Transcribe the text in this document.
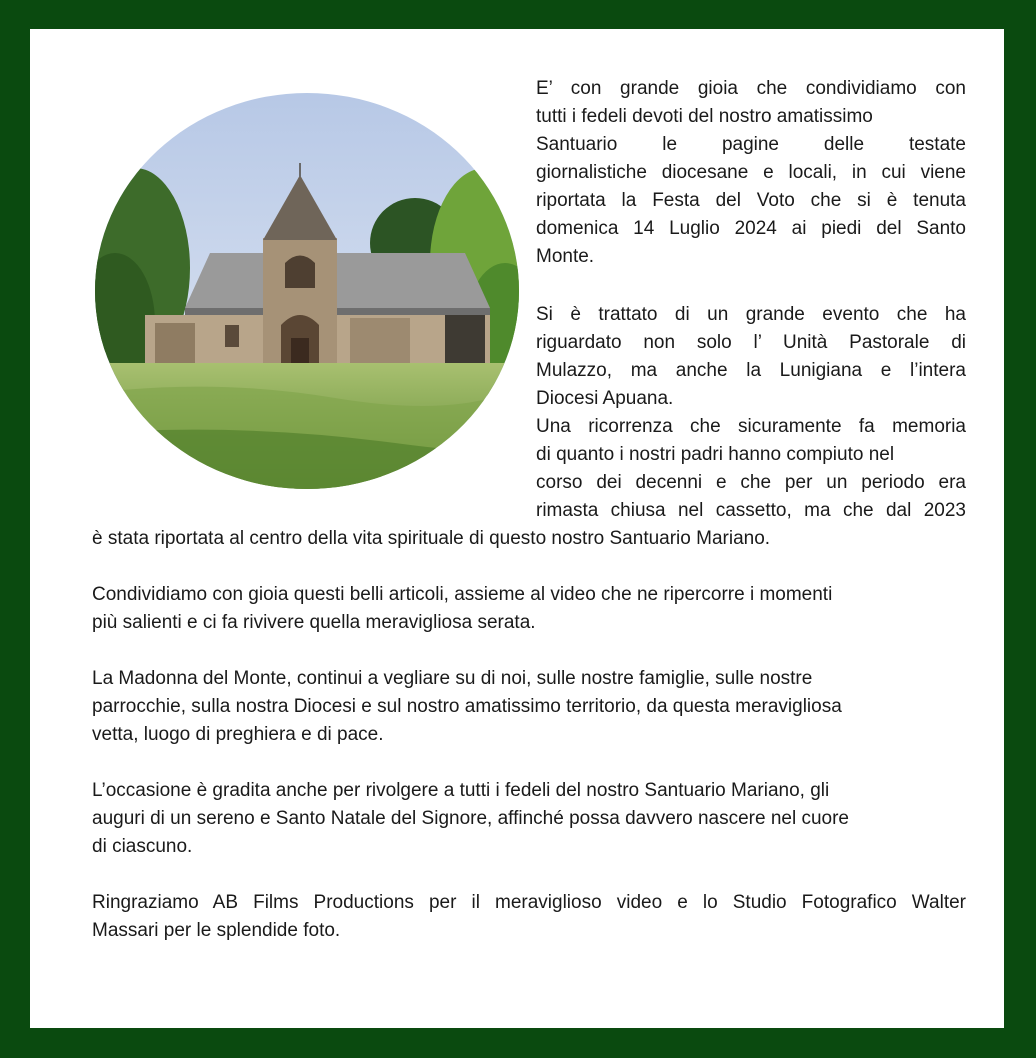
E’ con grande gioia che condividiamo con
tutti i fedeli devoti del nostro amatissimo
Santuario le pagine delle testate
giornalistiche diocesane e locali, in cui viene
riportata la Festa del Voto che si è tenuta
domenica 14 Luglio 2024 ai piedi del Santo
Monte.
Si è trattato di un grande evento che ha
riguardato non solo l’ Unità Pastorale di
Mulazzo, ma anche la Lunigiana e l’intera
Diocesi Apuana.
Una ricorrenza che sicuramente fa memoria
di quanto i nostri padri hanno compiuto nel
corso dei decenni e che per un periodo era
rimasta chiusa nel cassetto, ma che dal 2023
è stata riportata al centro della vita spirituale di questo nostro Santuario Mariano.
Condividiamo con gioia questi belli articoli, assieme al video che ne ripercorre i momenti
più salienti e ci fa rivivere quella meravigliosa serata.
La Madonna del Monte, continui a vegliare su di noi, sulle nostre famiglie, sulle nostre
parrocchie, sulla nostra Diocesi e sul nostro amatissimo territorio, da questa meravigliosa
vetta, luogo di preghiera e di pace.
L’occasione è gradita anche per rivolgere a tutti i fedeli del nostro Santuario Mariano, gli
auguri di un sereno e Santo Natale del Signore, affinché possa davvero nascere nel cuore
di ciascuno.
Ringraziamo AB Films Productions per il meraviglioso video e lo Studio Fotografico Walter
Massari per le splendide foto.
